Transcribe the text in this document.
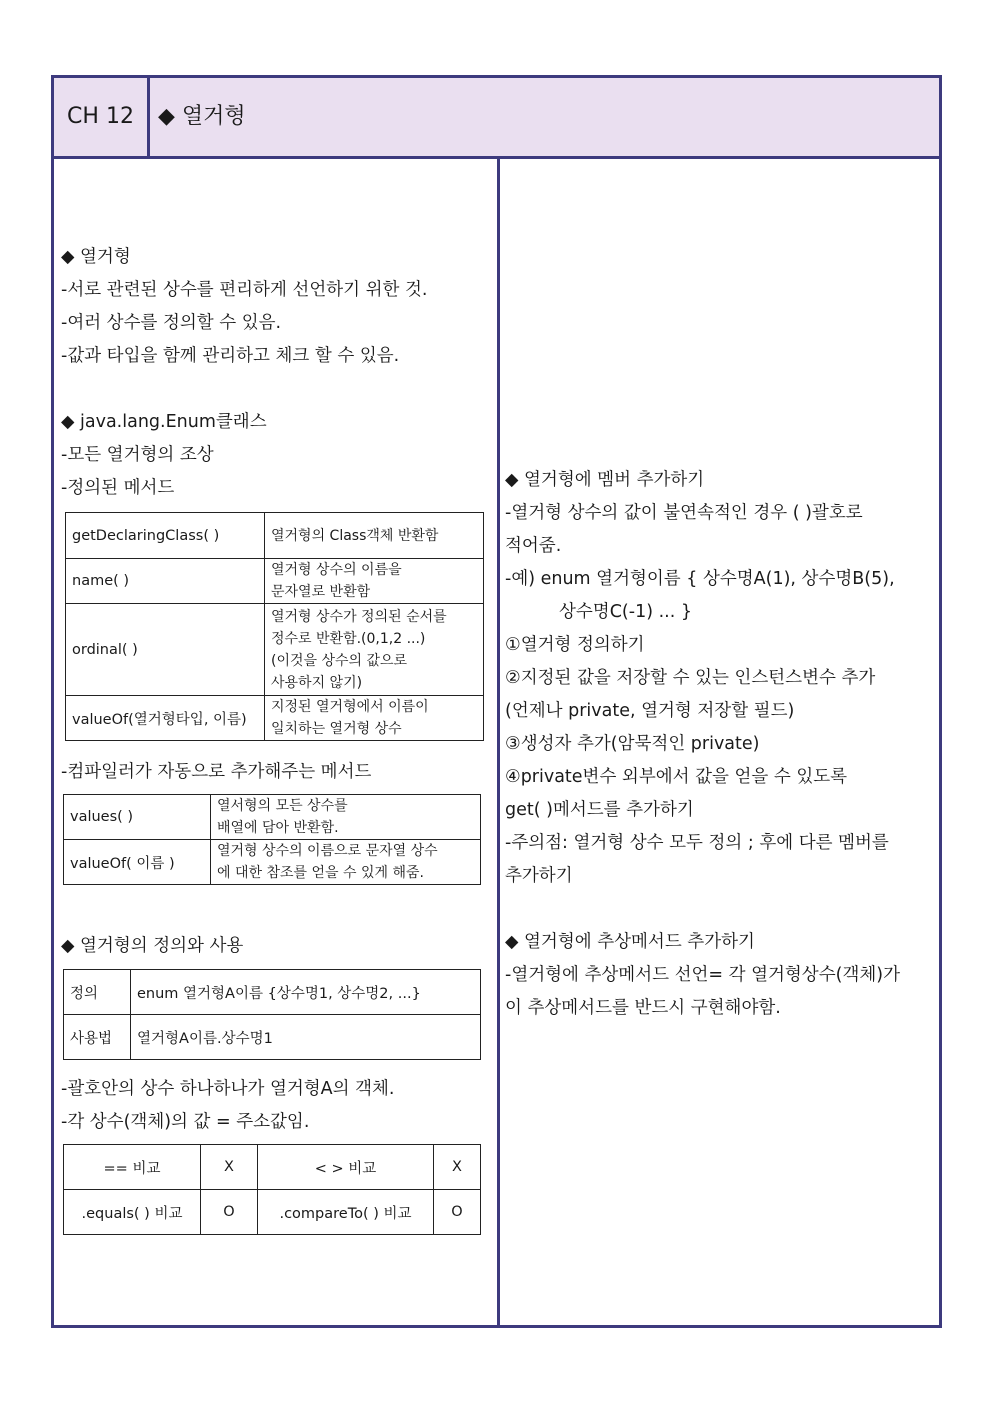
CH 12	◆ 열거형
◆ 열거형
-서로 관련된 상수를 편리하게 선언하기 위한 것.
-여러 상수를 정의할 수 있음.
-값과 타입을 함께 관리하고 체크 할 수 있음.
◆ java.lang.Enum클래스
-모든 열거형의 조상
-정의된 메서드
getDeclaringClass( )	열거형의 Class객체 반환함
name( )	열거형 상수의 이름을
문자열로 반환함
ordinal( )	열거형 상수가 정의된 순서를
정수로 반환함.(0,1,2 ...)
(이것을 상수의 값으로
사용하지 않기)
valueOf(열거형타입, 이름)	지정된 열거형에서 이름이
일치하는 열거형 상수
-컴파일러가 자동으로 추가해주는 메서드
values( )	열서형의 모든 상수를
배열에 담아 반환함.
valueOf( 이름 )	열거형 상수의 이름으로 문자열 상수
에 대한 참조를 얻을 수 있게 해줌.
◆ 열거형의 정의와 사용
정의	enum 열거형A이름 {상수명1, 상수명2, ...}
사용법	열거형A이름.상수명1
-괄호안의 상수 하나하나가 열거형A의 객체.
-각 상수(객체)의 값 = 주소값임.
== 비교	X	< > 비교	X
.equals( ) 비교	O	.compareTo( ) 비교	O
◆ 열거형에 멤버 추가하기
-열거형 상수의 값이 불연속적인 경우 ( )괄호로
적어줌.
-예) enum 열거형이름 { 상수명A(1), 상수명B(5),
상수명C(-1) ... }
①열거형 정의하기
②지정된 값을 저장할 수 있는 인스턴스변수 추가
(언제나 private, 열거형 저장할 필드)
③생성자 추가(암묵적인 private)
④private변수 외부에서 값을 얻을 수 있도록
get( )메서드를 추가하기
-주의점: 열거형 상수 모두 정의 ; 후에 다른 멤버를
추가하기
◆ 열거형에 추상메서드 추가하기
-열거형에 추상메서드 선언= 각 열거형상수(객체)가
이 추상메서드를 반드시 구현해야함.
